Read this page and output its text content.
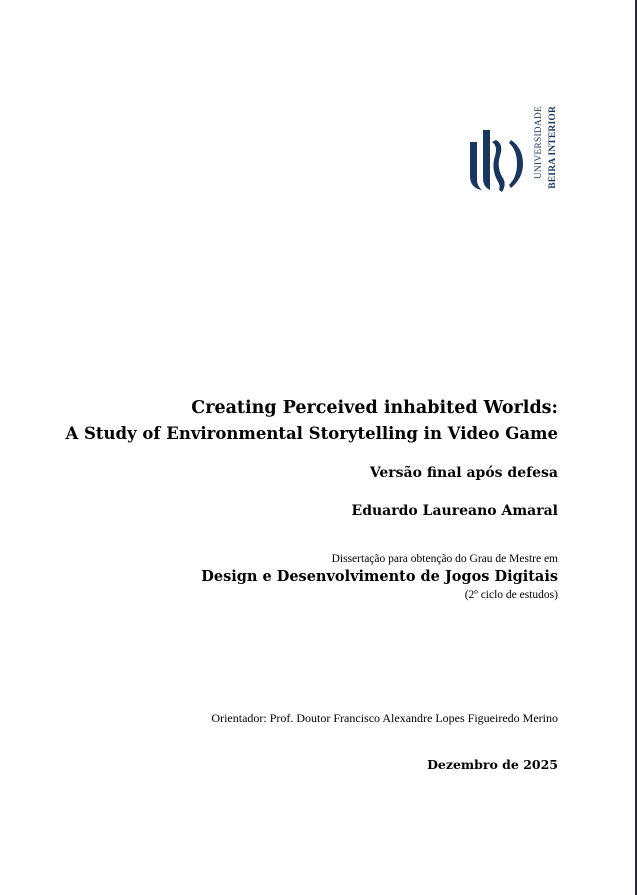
UNIVERSIDADE BEIRA INTERIOR
Creating Perceived inhabited Worlds:
A Study of Environmental Storytelling in Video Game
Versão final após defesa
Eduardo Laureano Amaral
Dissertação para obtenção do Grau de Mestre em
Design e Desenvolvimento de Jogos Digitais
(2º ciclo de estudos)
Orientador: Prof. Doutor Francisco Alexandre Lopes Figueiredo Merino
Dezembro de 2025
